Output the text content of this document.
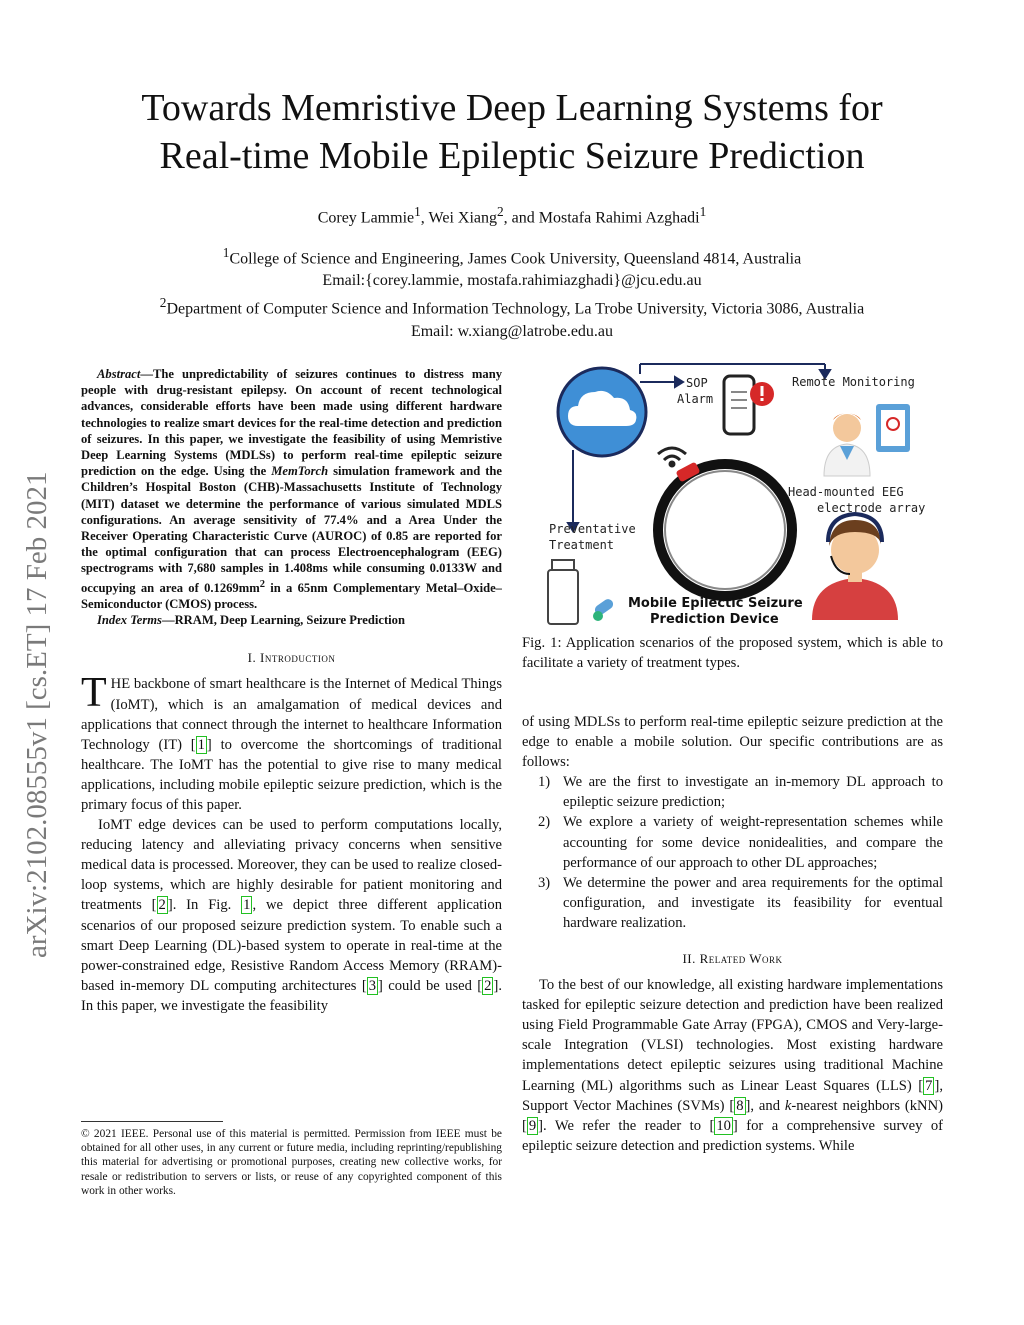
arXiv:2102.08555v1 [cs.ET] 17 Feb 2021
Towards Memristive Deep Learning Systems for
Real-time Mobile Epileptic Seizure Prediction
Corey Lammie$^1$, Wei Xiang$^2$, and Mostafa Rahimi Azghadi$^1$
$^1$College of Science and Engineering, James Cook University, Queensland 4814, Australia
Email:{corey.lammie, mostafa.rahimiazghadi}@jcu.edu.au
$^2$Department of Computer Science and Information Technology, La Trobe University, Victoria 3086, Australia
Email: w.xiang@latrobe.edu.au

Abstract—The unpredictability of seizures continues to distress many people with drug-resistant epilepsy. On account of recent technological advances, considerable efforts have been made using different hardware technologies to realize smart devices for the real-time detection and prediction of seizures. In this paper, we investigate the feasibility of using Memristive Deep Learning Systems (MDLSs) to perform real-time epileptic seizure prediction on the edge. Using the MemTorch simulation framework and the Children’s Hospital Boston (CHB)-Massachusetts Institute of Technology (MIT) dataset we determine the performance of various simulated MDLS configurations. An average sensitivity of 77.4% and a Area Under the Receiver Operating Characteristic Curve (AUROC) of 0.85 are reported for the optimal configuration that can process Electroencephalogram (EEG) spectrograms with 7,680 samples in 1.408ms while consuming 0.0133W and occupying an area of $0.1269mm^2$ in a 65nm Complementary Metal–Oxide–Semiconductor (CMOS) process.

Index Terms—RRAM, Deep Learning, Seizure Prediction

I. Introduction

THE backbone of smart healthcare is the Internet of Medical Things (IoMT), which is an amalgamation of medical devices and applications that connect through the internet to healthcare Information Technology (IT) [ 1 ] to overcome the shortcomings of traditional healthcare. The IoMT has the potential to give rise to many medical applications, including mobile epileptic seizure prediction, which is the primary focus of this paper.

IoMT edge devices can be used to perform computations locally, reducing latency and alleviating privacy concerns when sensitive medical data is processed. Moreover, they can be used to realize closed-loop systems, which are highly desirable for patient monitoring and treatments [ 2 ]. In Fig. 1 , we depict three different application scenarios of our proposed seizure prediction system. To enable such a smart Deep Learning (DL)-based system to operate in real-time at the power-constrained edge, Resistive Random Access Memory (RRAM)-based in-memory DL computing architectures [ 3 ] could be used [ 2 ]. In this paper, we investigate the feasibility

© 2021 IEEE. Personal use of this material is permitted. Permission from IEEE must be obtained for all other uses, in any current or future media, including reprinting/republishing this material for advertising or promotional purposes, creating new collective works, for resale or redistribution to servers or lists, or reuse of any copyrighted component of this work in other works.
SOP
Alarm
Remote Monitoring
Head-mounted EEG
electrode array
Preventative
Treatment
Mobile Epilectic Seizure
Prediction Device
Fig. 1: Application scenarios of the proposed system, which is able to facilitate a variety of treatment types.

of using MDLSs to perform real-time epileptic seizure prediction at the edge to enable a mobile solution. Our specific contributions are as follows:

1) We are the first to investigate an in-memory DL approach to epileptic seizure prediction;
2) We explore a variety of weight-representation schemes while accounting for some device nonidealities, and compare the performance of our approach to other DL approaches;
3) We determine the power and area requirements for the optimal configuration, and investigate its feasibility for eventual hardware realization.
II. Related Work

To the best of our knowledge, all existing hardware implementations tasked for epileptic seizure detection and prediction have been realized using Field Programmable Gate Array (FPGA), CMOS and Very-large-scale Integration (VLSI) technologies. Most existing hardware implementations detect epileptic seizures using traditional Machine Learning (ML) algorithms such as Linear Least Squares (LLS) [ 7 ], Support Vector Machines (SVMs) [ 8 ], and k-nearest neighbors (kNN) [ 9 ]. We refer the reader to [ 10 ] for a comprehensive survey of epileptic seizure detection and prediction systems. While
